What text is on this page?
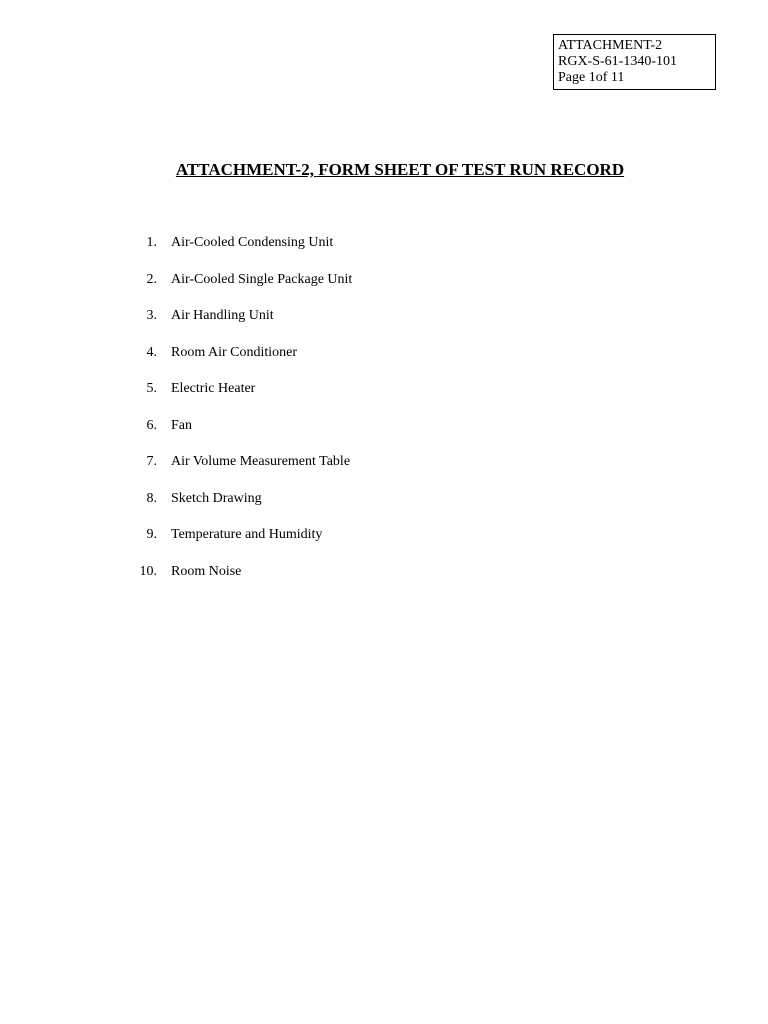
ATTACHMENT-2
RGX-S-61-1340-101
Page 1of 11
ATTACHMENT-2, FORM SHEET OF TEST RUN RECORD
1. Air-Cooled Condensing Unit
2. Air-Cooled Single Package Unit
3. Air Handling Unit
4. Room Air Conditioner
5. Electric Heater
6. Fan
7. Air Volume Measurement Table
8. Sketch Drawing
9. Temperature and Humidity
10. Room Noise
